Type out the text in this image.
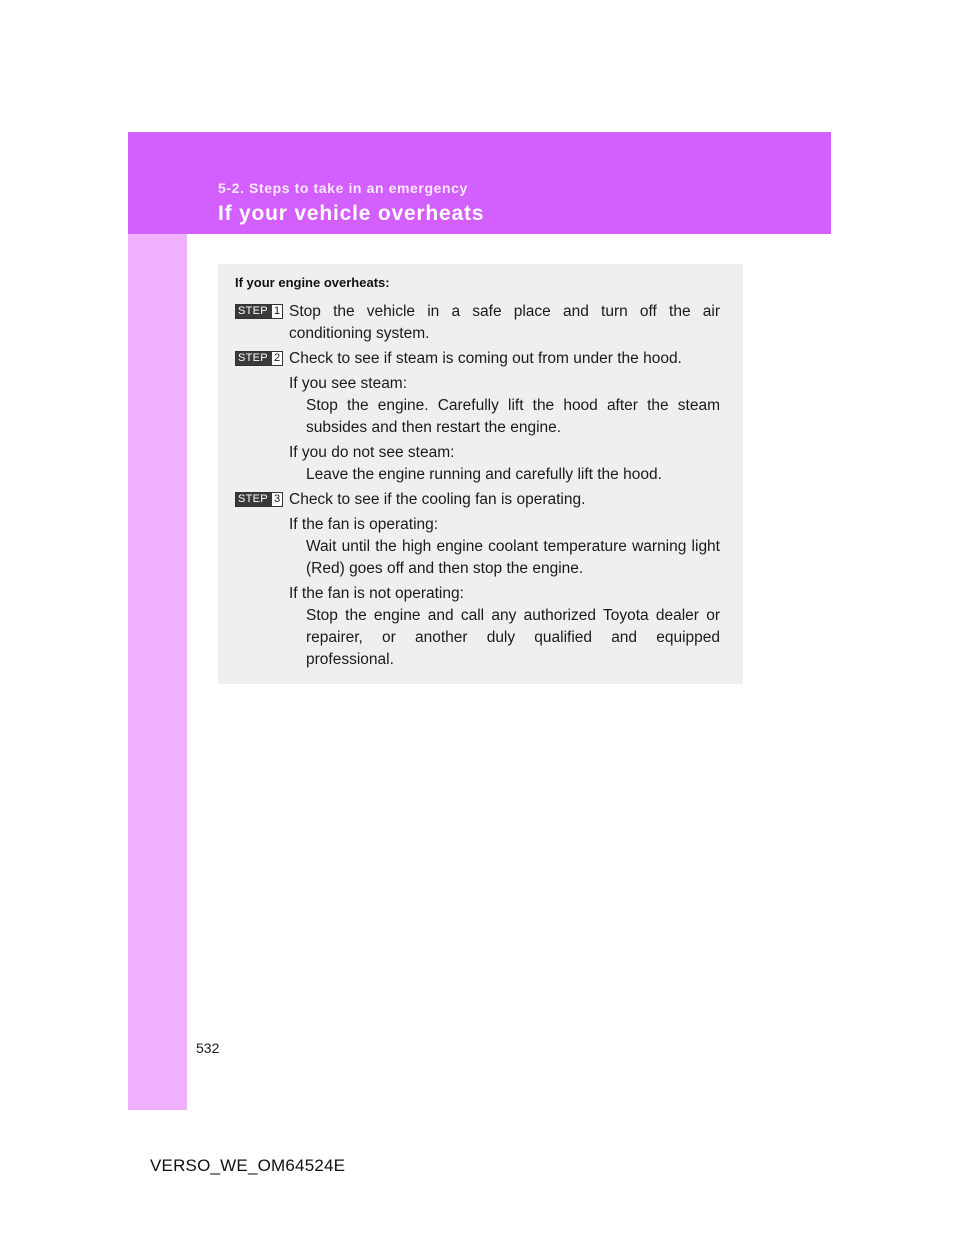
5-2. Steps to take in an emergency
If your vehicle overheats
If your engine overheats:
STEP 1 Stop the vehicle in a safe place and turn off the air conditioning system.
STEP 2 Check to see if steam is coming out from under the hood.
If you see steam:
Stop the engine. Carefully lift the hood after the steam subsides and then restart the engine.
If you do not see steam:
Leave the engine running and carefully lift the hood.
STEP 3 Check to see if the cooling fan is operating.
If the fan is operating:
Wait until the high engine coolant temperature warning light (Red) goes off and then stop the engine.
If the fan is not operating:
Stop the engine and call any authorized Toyota dealer or repairer, or another duly qualified and equipped professional.
532
VERSO_WE_OM64524E
